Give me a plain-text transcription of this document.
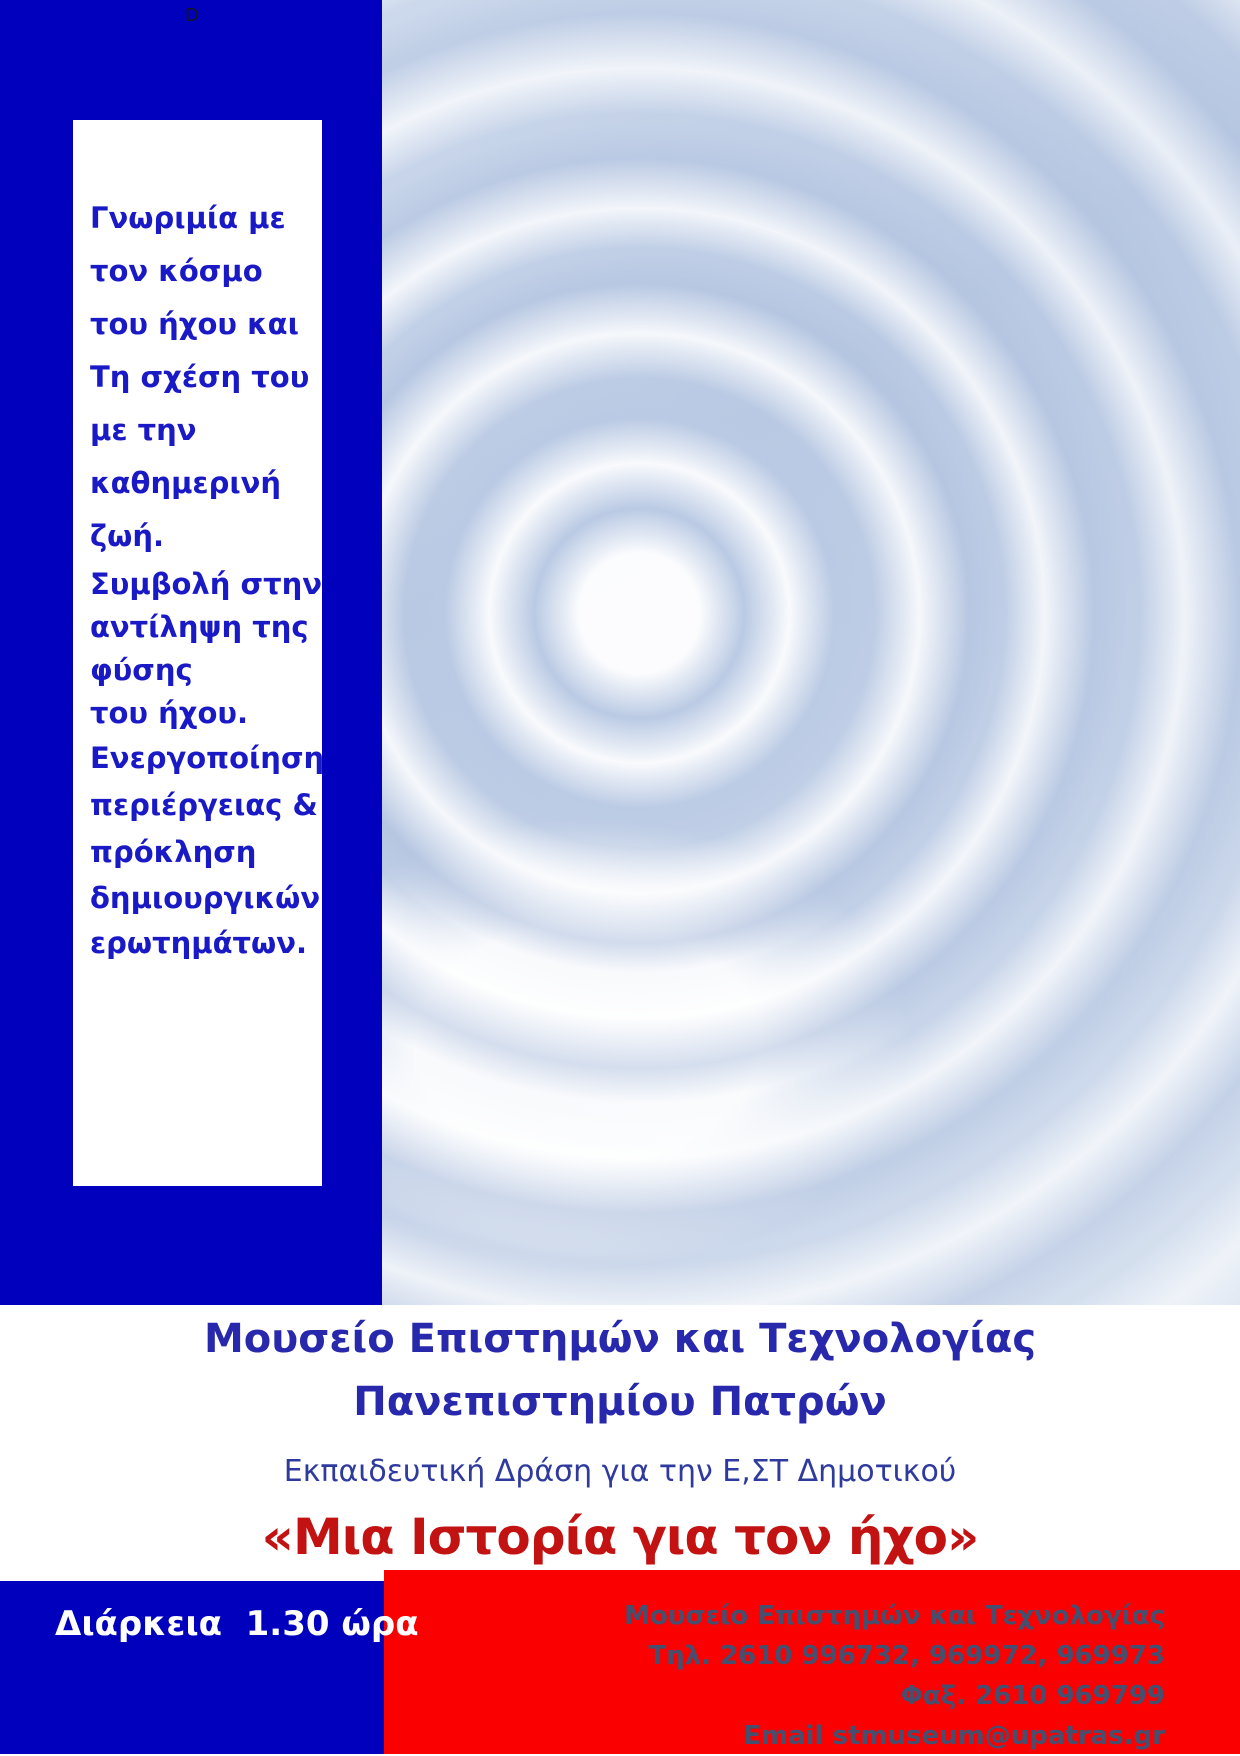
D

Γνωριμία με
τον κόσμο
του ήχου και
Τη σχέση του
με την
καθημερινή
ζωή.

Συμβολή στην
αντίληψη της
φύσης

του ήχου.

Ενεργοποίηση
περιέργειας &

πρόκληση

δημιουργικών
ερωτημάτων.

Μουσείο Επιστημών και Τεχνολογίας

Πανεπιστημίου Πατρών

Εκπαιδευτική Δράση για την Ε,ΣΤ Δημοτικού

«Μια Ιστορία για τον ήχο»

Διάρκεια  1.30 ώρα	Μουσείο Επιστημών και Τεχνολογίας
Τηλ. 2610 996732, 969972, 969973
Φαξ. 2610 969799
Email stmuseum@upatras.gr
